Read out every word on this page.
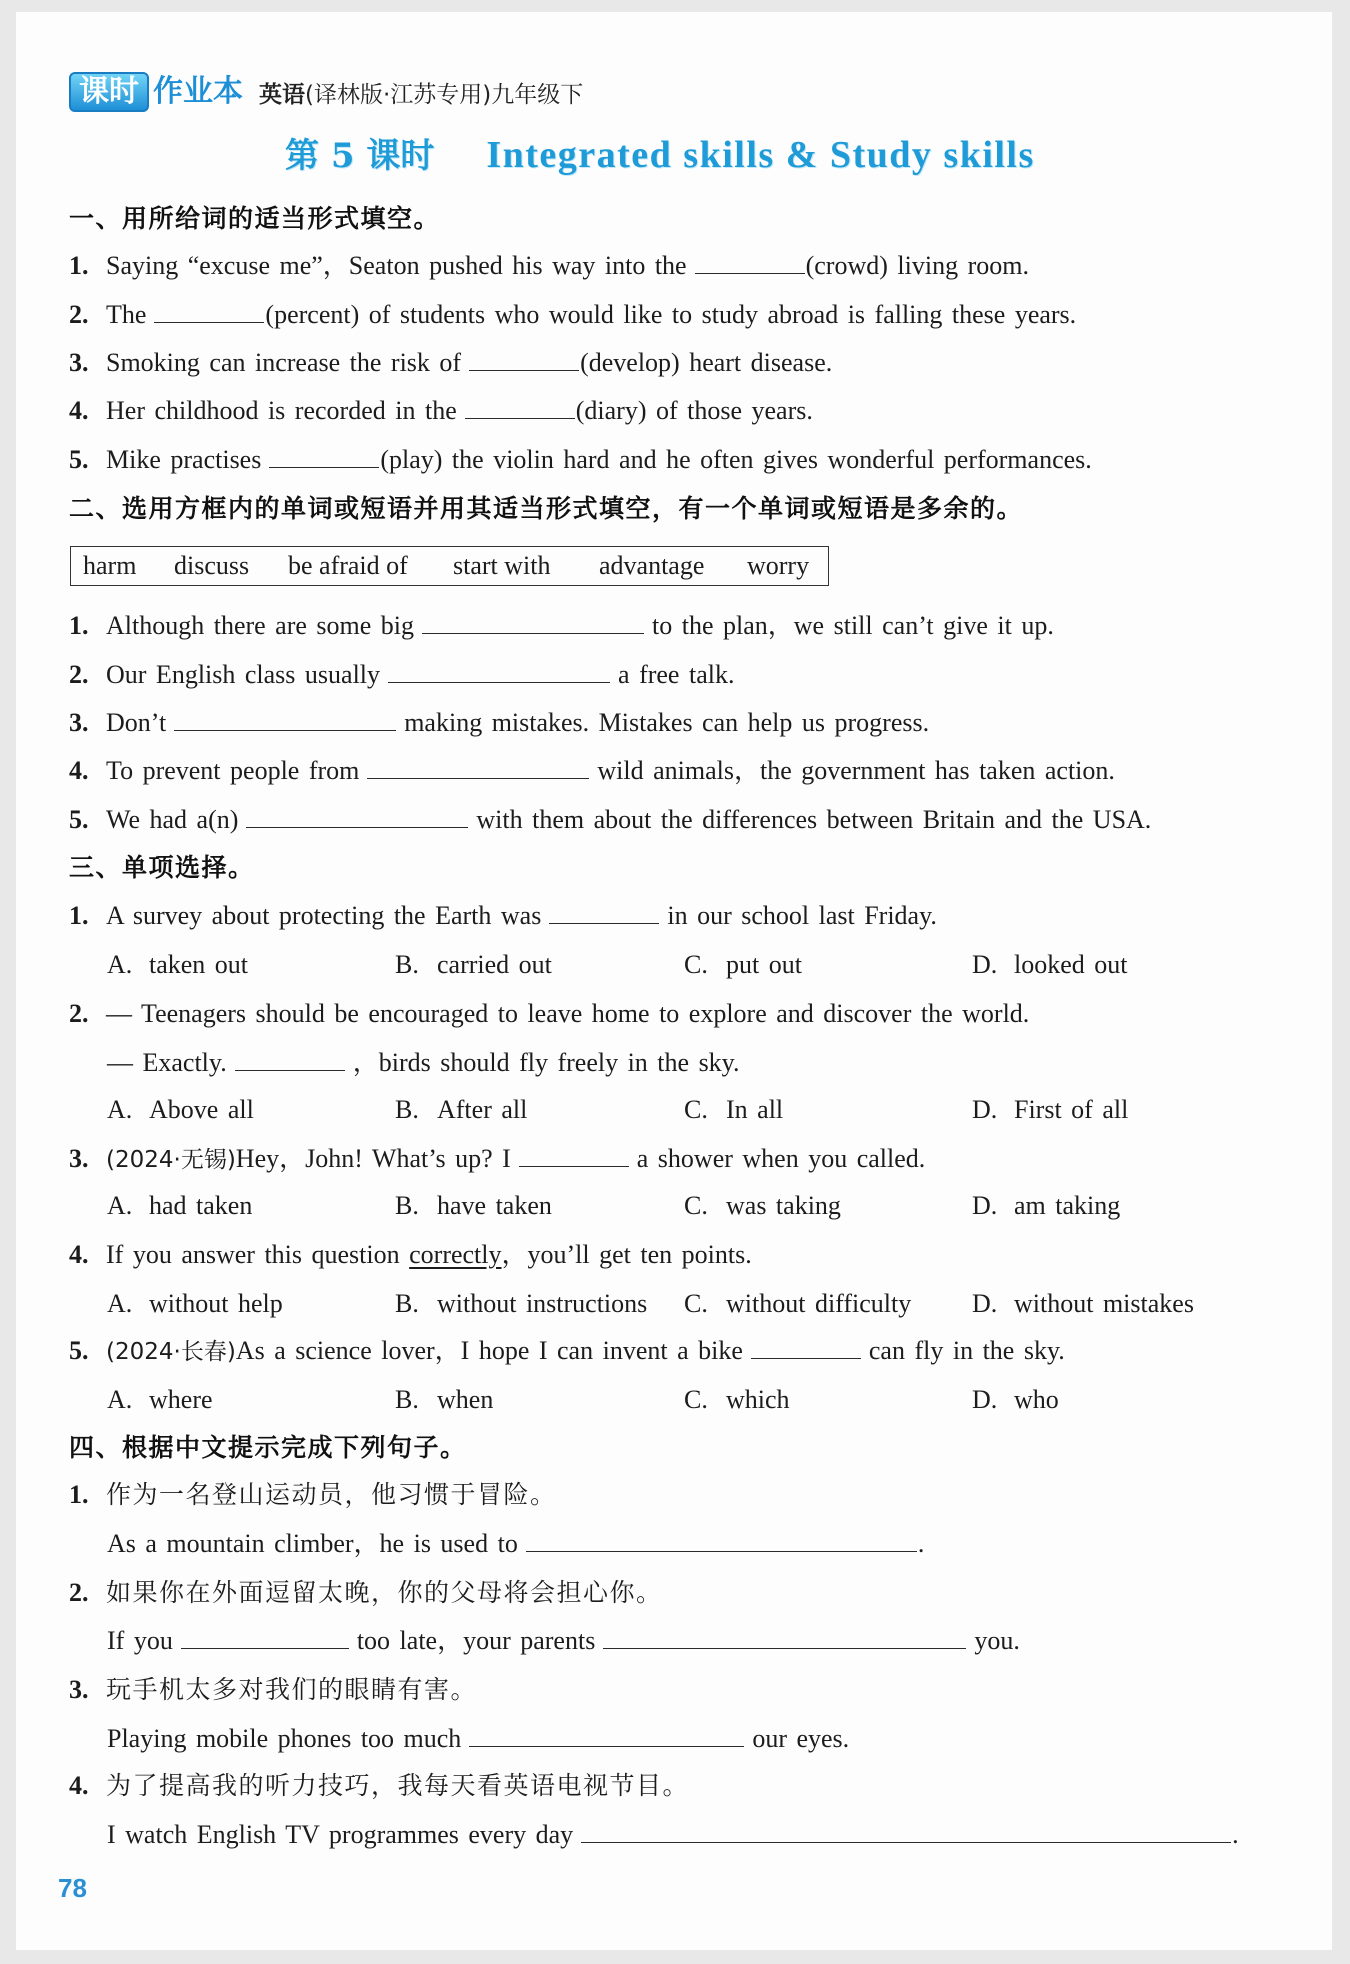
课时 作业本 英语(译林版·江苏专用)九年级下
第 5 课时 Integrated skills & Study skills
一、用所给词的适当形式填空。
1. Saying “excuse me”，Seaton pushed his way into the	(crowd) living room.
2. The	(percent) of students who would like to study abroad is falling these years.
3. Smoking can increase the risk of	(develop) heart disease.
4. Her childhood is recorded in the	(diary) of those years.
5. Mike practises	(play) the violin hard and he often gives wonderful performances.
二、选用方框内的单词或短语并用其适当形式填空，有一个单词或短语是多余的。
harm discuss be afraid of start with advantage worry
1. Although there are some big	to the plan，we still can’t give it up.
2. Our English class usually	a free talk.
3. Don’t	making mistakes. Mistakes can help us progress.
4. To prevent people from	wild animals，the government has taken action.
5. We had a(n)	with them about the differences between Britain and the USA.
三、单项选择。
1. A survey about protecting the Earth was	in our school last Friday.
A. taken out	B. carried out	C. put out	D. looked out
2. — Teenagers should be encouraged to leave home to explore and discover the world.
— Exactly.	，birds should fly freely in the sky.
A. Above all	B. After all	C. In all	D. First of all
3. (2024·无锡)Hey，John! What’s up? I	a shower when you called.
A. had taken	B. have taken	C. was taking	D. am taking
4. If you answer this question correctly，you’ll get ten points.
A. without help	B. without instructions C. without difficulty D. without mistakes
5. (2024·长春)As a science lover，I hope I can invent a bike	can fly in the sky.
A. where	B. when	C. which	D. who
四、根据中文提示完成下列句子。
1. 作为一名登山运动员，他习惯于冒险。
As a mountain climber，he is used to	.
2. 如果你在外面逗留太晚，你的父母将会担心你。
If you	too late，your parents	you.
3. 玩手机太多对我们的眼睛有害。
Playing mobile phones too much	our eyes.
4. 为了提高我的听力技巧，我每天看英语电视节目。
I watch English TV programmes every day	.
78
